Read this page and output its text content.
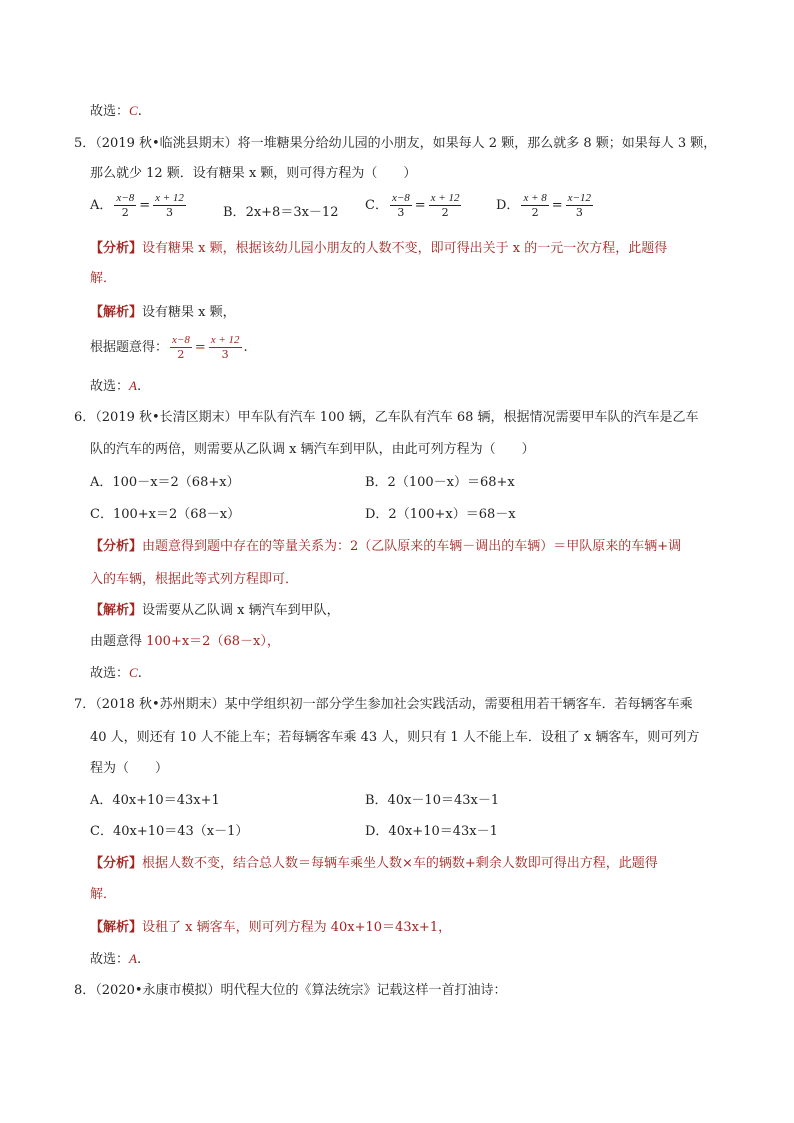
故选：C.
5．（2019 秋•临洮县期末）将一堆糖果分给幼儿园的小朋友，如果每人 2 颗，那么就多 8 颗；如果每人 3 颗，
那么就少 12 颗．设有糖果 x 颗，则可得方程为（　　）
A． $\frac{x-8}{2} = \frac{x + 12}{3}$	B．2x+8＝3x－12 C． $\frac{x-8}{3} = \frac{x + 12}{2}$	D． $\frac{x + 8}{2} = \frac{x-12}{3}$
【分析】设有糖果 x 颗，根据该幼儿园小朋友的人数不变，即可得出关于 x 的一元一次方程，此题得
解．
【解析】设有糖果 x 颗，
根据题意得： $\frac{x-8}{2} = \frac{x + 12}{3}$ .
故选：A.
6．（2019 秋•长清区期末）甲车队有汽车 100 辆，乙车队有汽车 68 辆，根据情况需要甲车队的汽车是乙车
队的汽车的两倍，则需要从乙队调 x 辆汽车到甲队，由此可列方程为（　　）
A．100－x＝2（68+x）	B．2（100－x）＝68+x
C．100+x＝2（68－x）	D．2（100+x）＝68－x
【分析】由题意得到题中存在的等量关系为：2（乙队原来的车辆－调出的车辆）＝甲队原来的车辆+调
入的车辆，根据此等式列方程即可．
【解析】设需要从乙队调 x 辆汽车到甲队，
由题意得 100+x＝2（68－x），
故选：C.
7．（2018 秋•苏州期末）某中学组织初一部分学生参加社会实践活动，需要租用若干辆客车．若每辆客车乘
40 人，则还有 10 人不能上车；若每辆客车乘 43 人，则只有 1 人不能上车．设租了 x 辆客车，则可列方
程为（　　）
A．40x+10＝43x+1	B．40x－10＝43x－1
C．40x+10＝43（x－1）	D．40x+10＝43x－1
【分析】根据人数不变，结合总人数＝每辆车乘坐人数×车的辆数+剩余人数即可得出方程，此题得
解．
【解析】设租了 x 辆客车，则可列方程为 40x+10＝43x+1，
故选：A.
8．（2020•永康市模拟）明代程大位的《算法统宗》记载这样一首打油诗：
